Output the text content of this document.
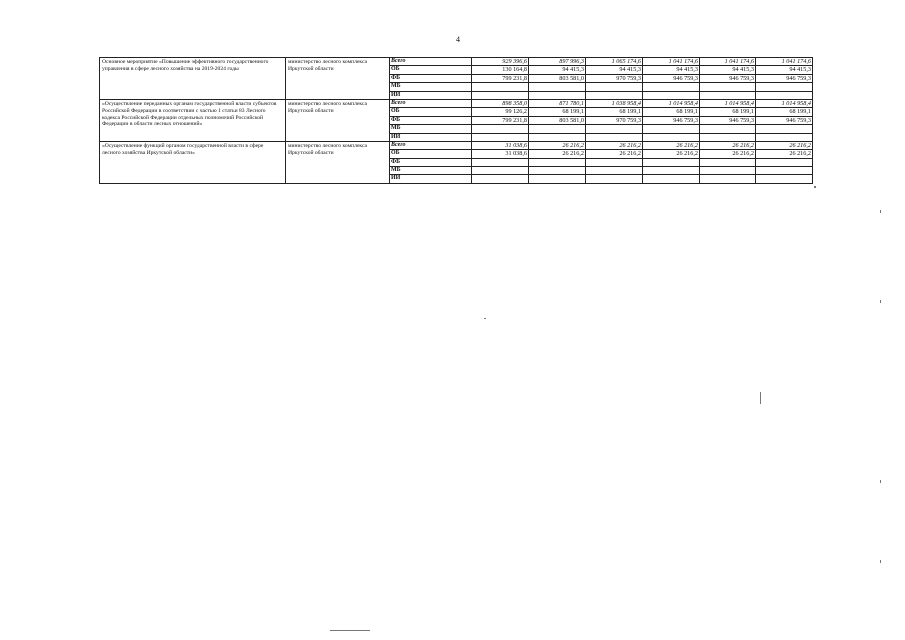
4
Основное мероприятие «Повышение эффективного государственного управления в сфере лесного хозяйства на 2019-2024 годы	министерство лесного комплекса Иркутской области	Всего	929 396,6	897 996,3	1 065 174,6	1 041 174,6	1 041 174,6	1 041 174,6
		ОБ	130 164,8	94 415,3	94 415,3	94 415,3	94 415,3	94 415,3
		ФБ	799 231,8	803 581,0	970 759,3	946 759,3	946 759,3	946 759,3
		МБ						
		ИИ						
«Осуществление переданных органам государственной власти субъектов Российской Федерации в соответствии с частью 1 статьи 83 Лесного кодекса Российской Федерации отдельных полномочий Российской Федерации в области лесных отношений»	министерство лесного комплекса Иркутской области	Всего	898 358,0	871 780,1	1 038 958,4	1 014 958,4	1 014 958,4	1 014 958,4
		ОБ	99 126,2	68 199,1	68 199,1	68 199,1	68 199,1	68 199,1
		ФБ	799 231,8	803 581,0	970 759,3	946 759,3	946 759,3	946 759,3
		МБ						
		ИИ						
«Осуществление функций органом государственной власти в сфере лесного хозяйства Иркутской области»	министерство лесного комплекса Иркутской области	Всего	31 038,6	26 216,2	26 216,2	26 216,2	26 216,2	26 216,2
		ОБ	31 038,6	26 216,2	26 216,2	26 216,2	26 216,2	26 216,2
		ФБ						
		МБ						
		ИИ						
